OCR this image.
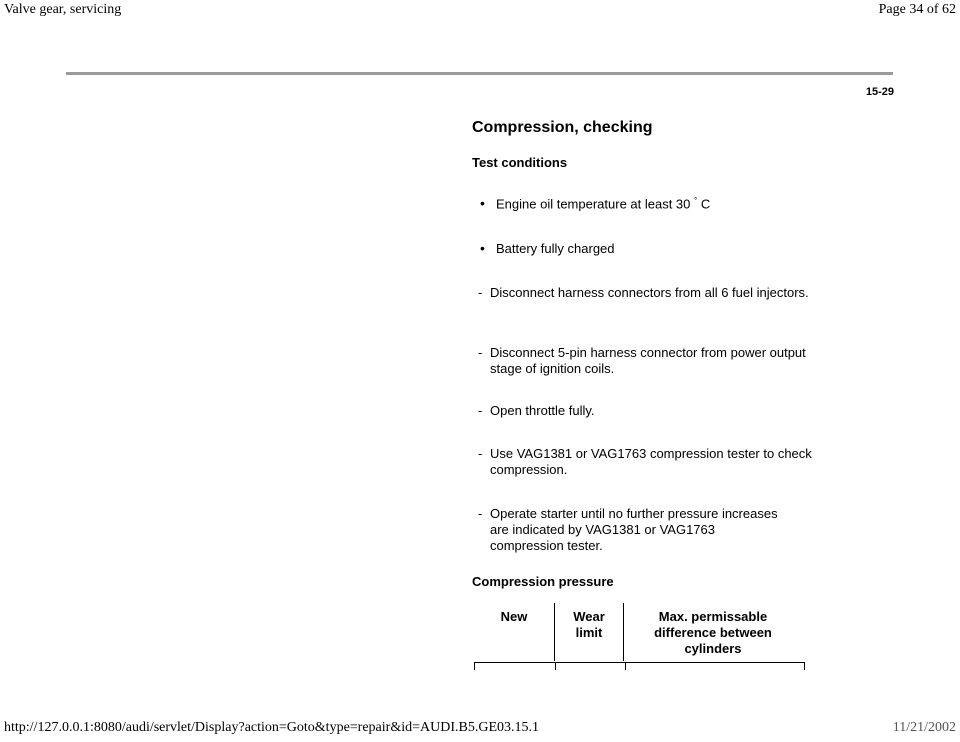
Valve gear, servicing	Page 34 of 62
15-29
Compression, checking
Test conditions
• Engine oil temperature at least 30 ° C
• Battery fully charged
- Disconnect harness connectors from all 6 fuel injectors.
- Disconnect 5-pin harness connector from power output stage of ignition coils.
- Open throttle fully.
- Use VAG1381 or VAG1763 compression tester to check compression.
- Operate starter until no further pressure increases are indicated by VAG1381 or VAG1763 compression tester.
Compression pressure
New	Wear limit	Max. permissable difference between cylinders
http://127.0.0.1:8080/audi/servlet/Display?action=Goto&type=repair&id=AUDI.B5.GE03.15.1	11/21/2002
